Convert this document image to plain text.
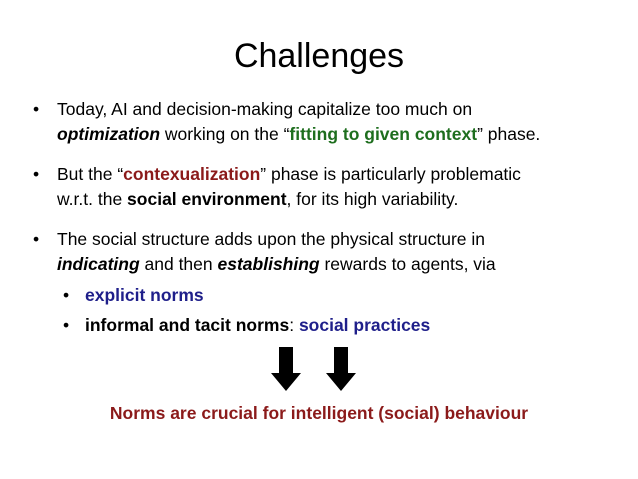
Challenges
• Today, AI and decision-making capitalize too much on
optimization working on the “fitting to given context” phase.
• But the “contexualization” phase is particularly problematic
w.r.t. the social environment, for its high variability.
• The social structure adds upon the physical structure in
indicating and then establishing rewards to agents, via
• explicit norms
• informal and tacit norms: social practices
Norms are crucial for intelligent (social) behaviour
